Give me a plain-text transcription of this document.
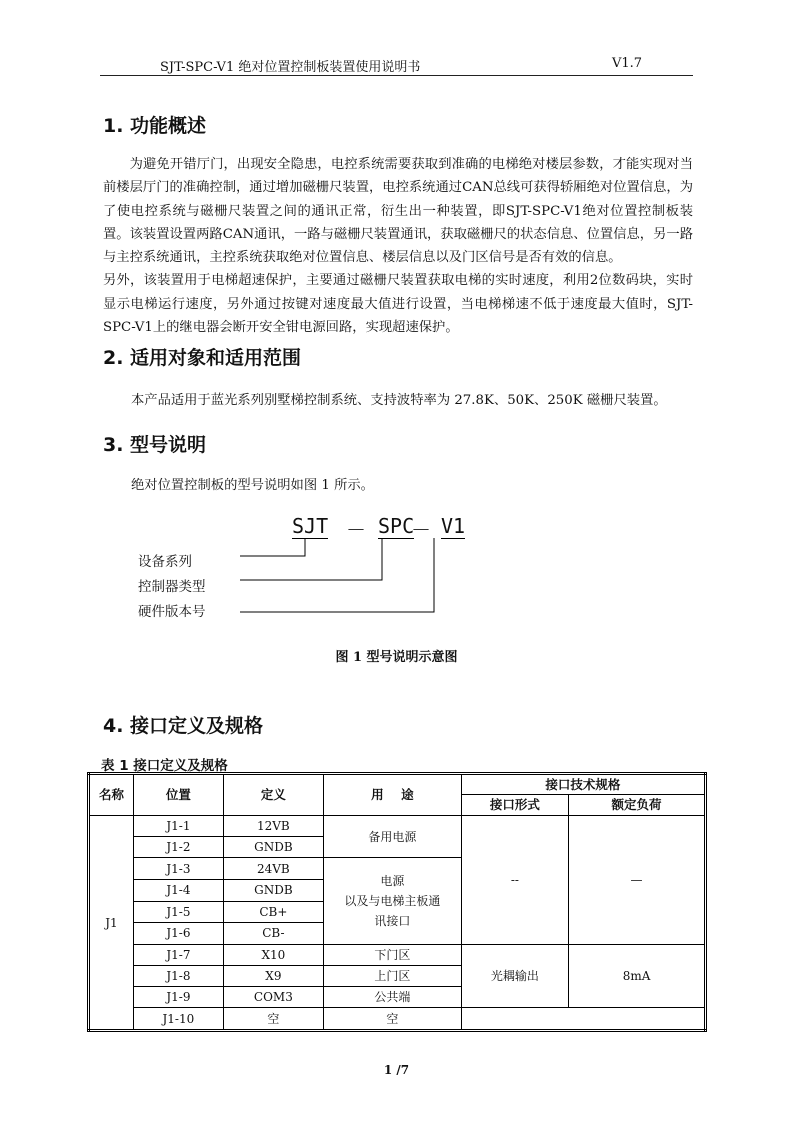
SJT-SPC-V1 绝对位置控制板装置使用说明书	V1.7
1. 功能概述

为避免开错厅门，出现安全隐患，电控系统需要获取到准确的电梯绝对楼层参数，才能实现对当前楼层厅门的准确控制，通过增加磁栅尺装置，电控系统通过CAN总线可获得轿厢绝对位置信息，为了使电控系统与磁栅尺装置之间的通讯正常，衍生出一种装置，即SJT-SPC-V1绝对位置控制板装置。该装置设置两路CAN通讯，一路与磁栅尺装置通讯，获取磁栅尺的状态信息、位置信息，另一路与主控系统通讯，主控系统获取绝对位置信息、楼层信息以及门区信号是否有效的信息。

另外，该装置用于电梯超速保护，主要通过磁栅尺装置获取电梯的实时速度，利用2位数码块，实时显示电梯运行速度，另外通过按键对速度最大值进行设置，当电梯梯速不低于速度最大值时，SJT-SPC-V1上的继电器会断开安全钳电源回路，实现超速保护。

2. 适用对象和适用范围
本产品适用于蓝光系列别墅梯控制系统、支持波特率为 27.8K、50K、250K 磁栅尺装置。
3. 型号说明
绝对位置控制板的型号说明如图 1 所示。
SJT － SPC
－ V1
设备系列
控制器类型
硬件版本号
图 1 型号说明示意图
4. 接口定义及规格
表 1 接口定义及规格
名称	位置	定义	用    途	接口技术规格	
				接口形式	额定负荷
J1	J1-1	12VB	备用电源	--	—
	J1-2	GNDB			
	J1-3	24VB	电源
以及与电梯主板通
讯接口		

	J1-4	GNDB			
	J1-5	CB+			
	J1-6	CB-			
	J1-7	X10	下门区	光耦输出	8mA
	J1-8	X9	上门区		
	J1-9	COM3	公共端		
	J1-10	空	空		
1 /7
